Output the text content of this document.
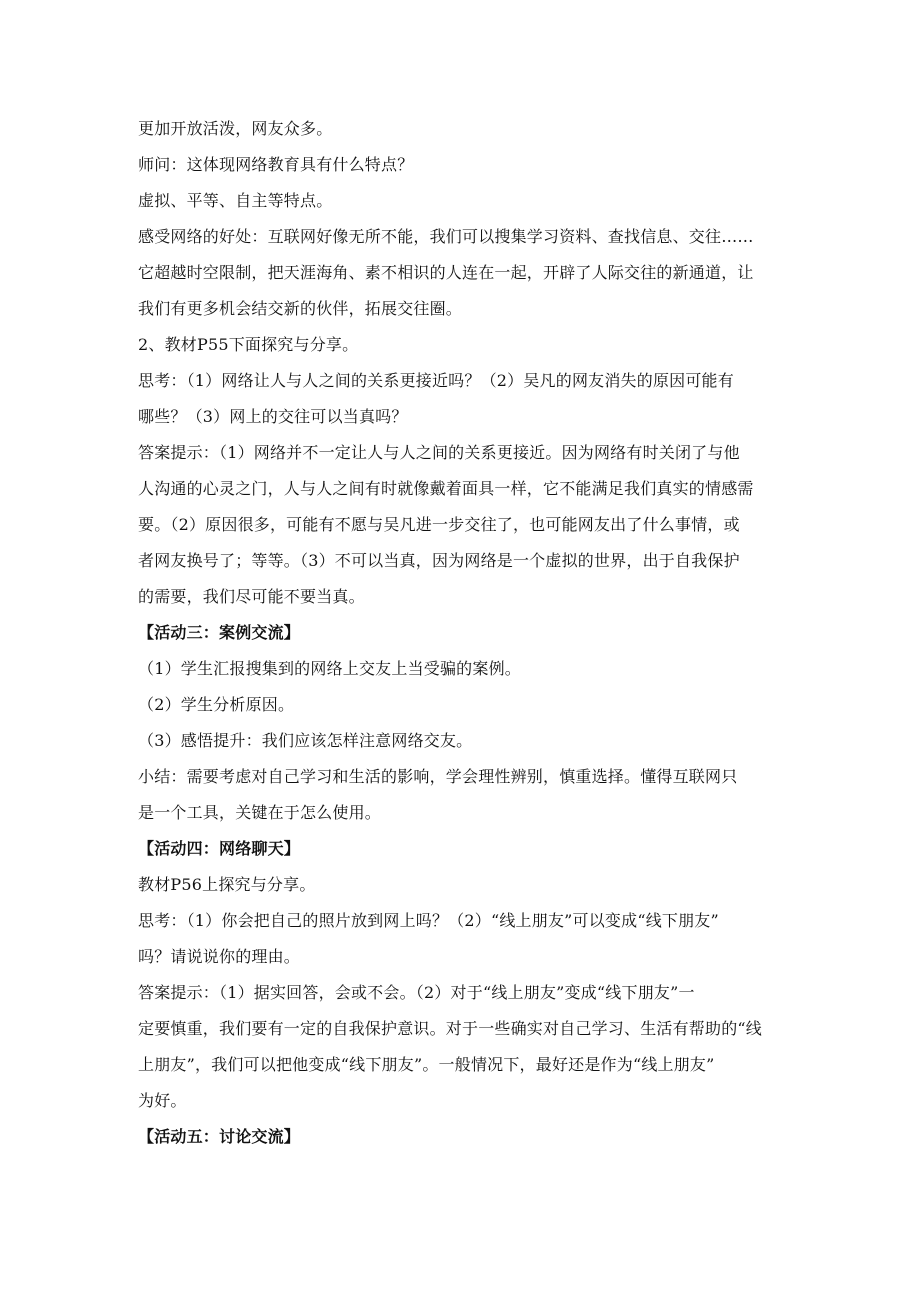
更加开放活泼，网友众多。
师问：这体现网络教育具有什么特点？
虚拟、平等、自主等特点。
感受网络的好处：互联网好像无所不能，我们可以搜集学习资料、查找信息、交往……
它超越时空限制，把天涯海角、素不相识的人连在一起，开辟了人际交往的新通道，让
我们有更多机会结交新的伙伴，拓展交往圈。
2、教材P55下面探究与分享。
思考：（1）网络让人与人之间的关系更接近吗？（2）吴凡的网友消失的原因可能有
哪些？（3）网上的交往可以当真吗？
答案提示：（1）网络并不一定让人与人之间的关系更接近。因为网络有时关闭了与他
人沟通的心灵之门，人与人之间有时就像戴着面具一样，它不能满足我们真实的情感需
要。（2）原因很多，可能有不愿与吴凡进一步交往了，也可能网友出了什么事情，或
者网友换号了；等等。（3）不可以当真，因为网络是一个虚拟的世界，出于自我保护
的需要，我们尽可能不要当真。
【活动三：案例交流】
（1）学生汇报搜集到的网络上交友上当受骗的案例。
（2）学生分析原因。
（3）感悟提升：我们应该怎样注意网络交友。
小结：需要考虑对自己学习和生活的影响，学会理性辨别，慎重选择。懂得互联网只
是一个工具，关键在于怎么使用。
【活动四：网络聊天】
教材P56上探究与分享。
思考：（1）你会把自己的照片放到网上吗？（2）“线上朋友”可以变成“线下朋友”
吗？请说说你的理由。
答案提示：（1）据实回答，会或不会。（2）对于“线上朋友”变成“线下朋友”一
定要慎重，我们要有一定的自我保护意识。对于一些确实对自己学习、生活有帮助的“线
上朋友”，我们可以把他变成“线下朋友”。一般情况下，最好还是作为“线上朋友”
为好。
【活动五：讨论交流】
